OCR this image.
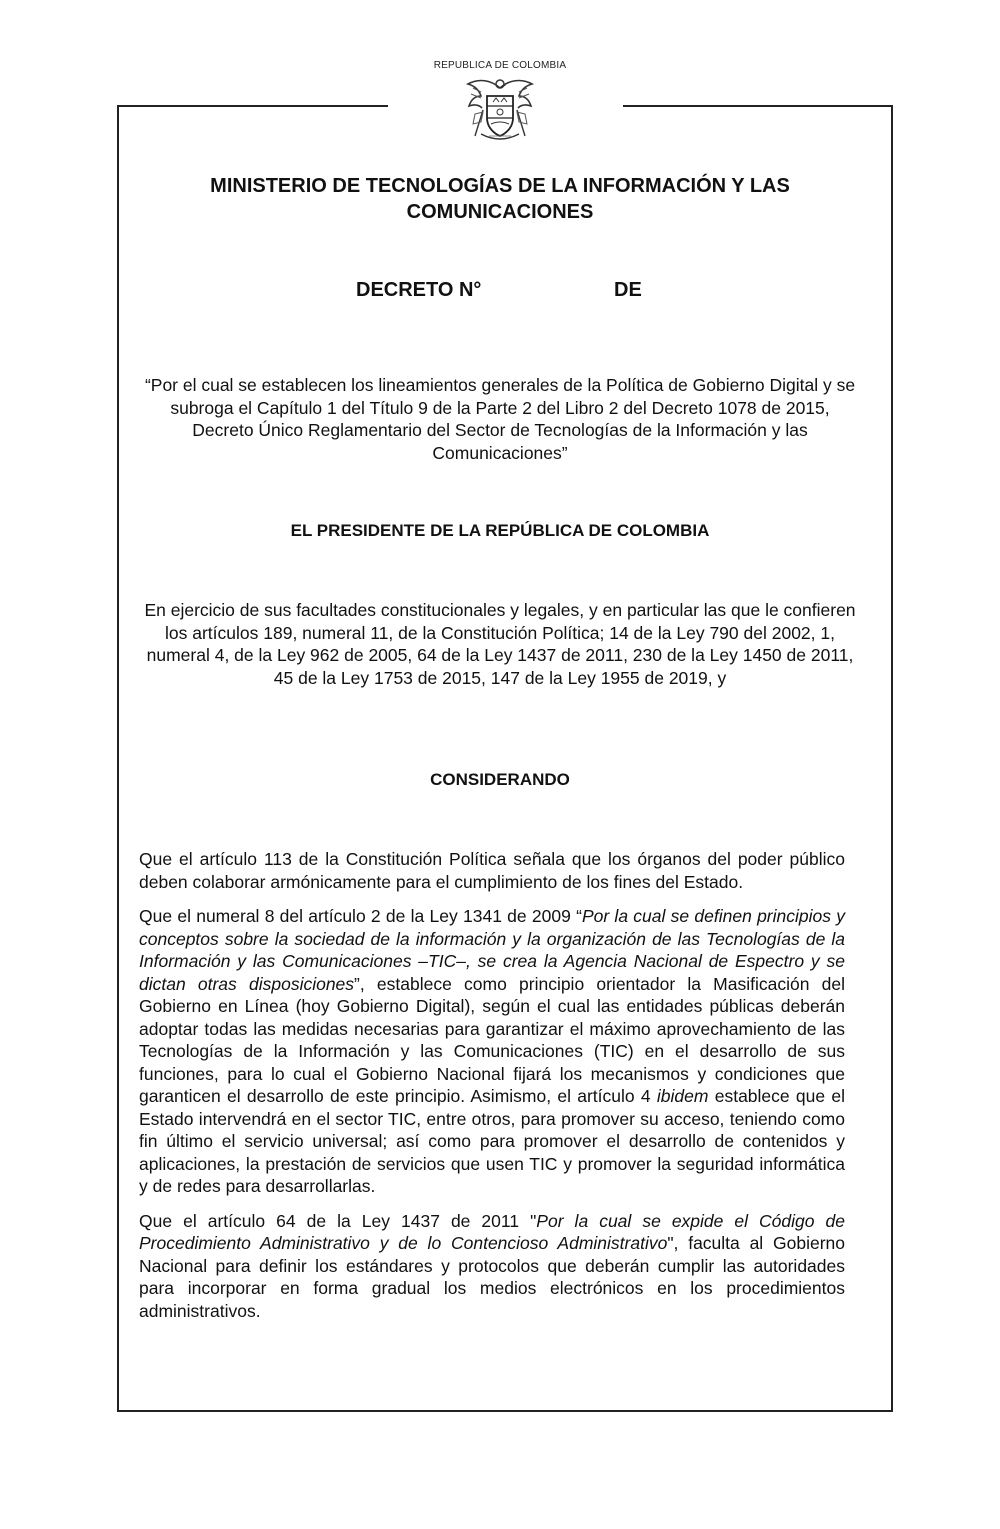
REPUBLICA DE COLOMBIA
MINISTERIO DE TECNOLOGÍAS DE LA INFORMACIÓN Y LAS COMUNICACIONES
DECRETO N°	DE
“Por el cual se establecen los lineamientos generales de la Política de Gobierno Digital y se subroga el Capítulo 1 del Título 9 de la Parte 2 del Libro 2 del Decreto 1078 de 2015, Decreto Único Reglamentario del Sector de Tecnologías de la Información y las Comunicaciones”
EL PRESIDENTE DE LA REPÚBLICA DE COLOMBIA
En ejercicio de sus facultades constitucionales y legales, y en particular las que le confieren los artículos 189, numeral 11, de la Constitución Política; 14 de la Ley 790 del 2002, 1, numeral 4, de la Ley 962 de 2005, 64 de la Ley 1437 de 2011, 230 de la Ley 1450 de 2011, 45 de la Ley 1753 de 2015, 147 de la Ley 1955 de 2019, y
CONSIDERANDO

Que el artículo 113 de la Constitución Política señala que los órganos del poder público deben colaborar armónicamente para el cumplimiento de los fines del Estado.

Que el numeral 8 del artículo 2 de la Ley 1341 de 2009 “Por la cual se definen principios y conceptos sobre la sociedad de la información y la organización de las Tecnologías de la Información y las Comunicaciones –TIC–, se crea la Agencia Nacional de Espectro y se dictan otras disposiciones”, establece como principio orientador la Masificación del Gobierno en Línea (hoy Gobierno Digital), según el cual las entidades públicas deberán adoptar todas las medidas necesarias para garantizar el máximo aprovechamiento de las Tecnologías de la Información y las Comunicaciones (TIC) en el desarrollo de sus funciones, para lo cual el Gobierno Nacional fijará los mecanismos y condiciones que garanticen el desarrollo de este principio. Asimismo, el artículo 4 ibidem establece que el Estado intervendrá en el sector TIC, entre otros, para promover su acceso, teniendo como fin último el servicio universal; así como para promover el desarrollo de contenidos y aplicaciones, la prestación de servicios que usen TIC y promover la seguridad informática y de redes para desarrollarlas.

Que el artículo 64 de la Ley 1437 de 2011 "Por la cual se expide el Código de Procedimiento Administrativo y de lo Contencioso Administrativo", faculta al Gobierno Nacional para definir los estándares y protocolos que deberán cumplir las autoridades para incorporar en forma gradual los medios electrónicos en los procedimientos administrativos.
